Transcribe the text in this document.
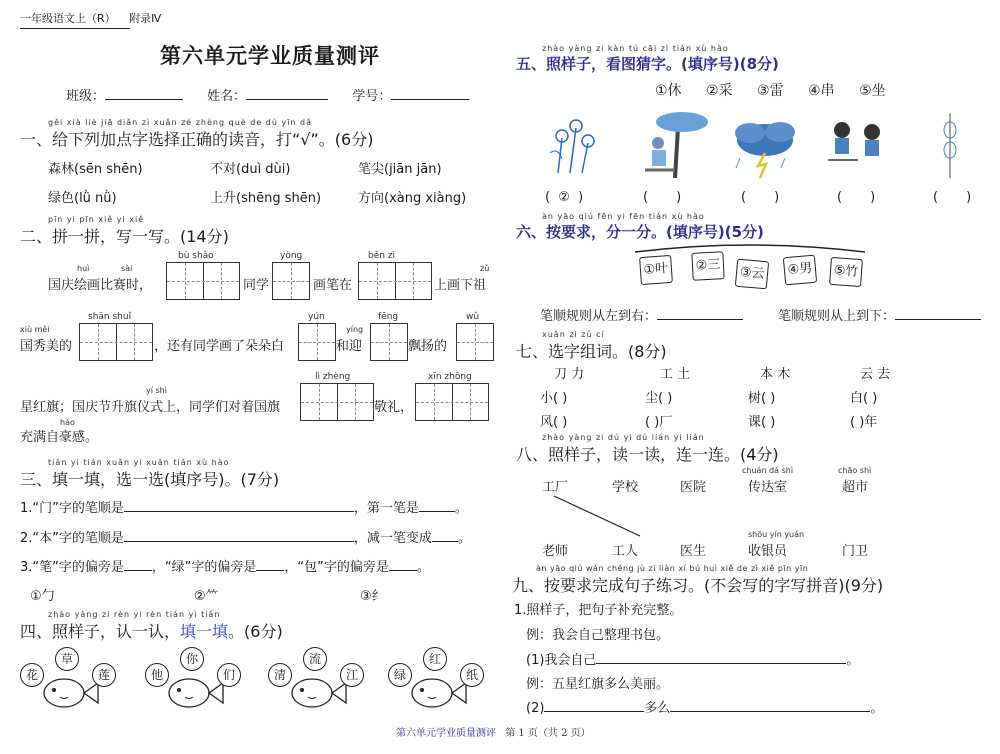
一年级语文上（R） 附录Ⅳ
第六单元学业质量测评
班级：	姓名：	学号：
gěi xià liè jiā diǎn zì xuǎn zé zhèng què de dú yīn dǎ
一、给下列加点字选择正确的读音，打“√”。(6分)
森林(sēn shēn)	不对(duì dùi)	笔尖(jiān jān)
绿色(lǜ nǜ)	上升(shēng shēn)	方向(xàng xiàng)
pīn yi pīn xiě yi xiě
二、拼一拼，写一写。(14分)
bù shǎo	yòng	běn zi
huì	sài	zǔ
国庆绘画比赛时，	同学	画笔在	上画下祖
shān shuǐ	yún	fēng	wǔ
xiù měi	yíng
国秀美的	，还有同学画了朵朵白	和迎	飘扬的
lì zhèng	xīn zhōng
yí shì
星红旗；国庆节升旗仪式上，同学们对着国旗	敬礼，
háo
充满自豪感。
tián yi tián xuǎn yi xuǎn tián xù hào
三、填一填，选一选(填序号)。(7分)
1.“门”字的笔顺是	，第一笔是	。
2.“本”字的笔顺是	，减一笔变成 。
3.“笔”字的偏旁是 ，“绿”字的偏旁是 ，“包”字的偏旁是 。
①勹	②⺮	③纟
zhào yàng zi rèn yi rèn tián yì tián
四、照样子，认一认，填一填。(6分)
花
草
莲	他
你
们	清
流
江	绿
红
纸
zhào yàng zi kàn tú cāi zì tián xù hào
五、照样子，看图猜字。(填序号)(8分)
①休 ②采 ③雷 ④串 ⑤坐
( ② )	( )	( )	( )	( )
àn yāo qiú fēn yi fēn tián xù hào
六、按要求，分一分。(填序号)(5分)
①叶	②三	③云	④男	⑤竹
笔顺规则从左到右：	笔顺规则从上到下：
xuǎn zì zǔ cí
七、选字组词。(8分)
刀 力	工 土	本 木	云 去
小( )	尘( )	树( )	白( )
风( )	( )厂	课( )	( )年
zhào yàng zi dú yi dú lián yi lián
八、照样子，读一读，连一连。(4分)
chuán dá shì	chāo shì
工厂	学校	医院	传达室	超市
shōu yín yuán
老师	工人	医生	收银员	门卫
àn yāo qiú wán chéng jù zi liàn xí bú huì xiě de zì xiě pīn yīn
九、按要求完成句子练习。(不会写的字写拼音)(9分)
1.照样子，把句子补充完整。
例：我会自己整理书包。
(1)我会自己	。
例：五星红旗多么美丽。
(2)	多么	。
第六单元学业质量测评 第 1 页（共 2 页）
